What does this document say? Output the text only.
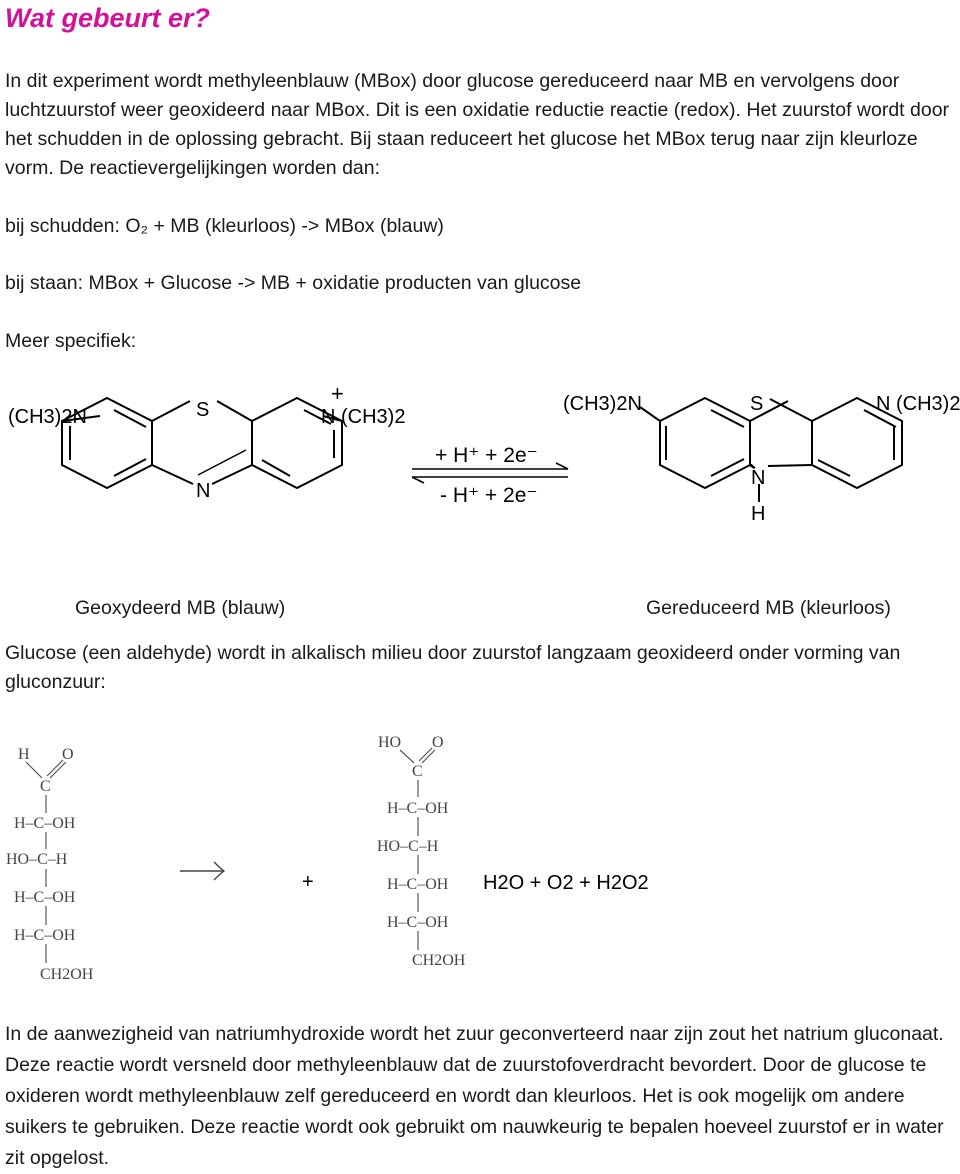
Wat gebeurt er?

In dit experiment wordt methyleenblauw (MBox) door glucose gereduceerd naar MB en vervolgens door luchtzuurstof weer geoxideerd naar MBox. Dit is een oxidatie reductie reactie (redox). Het zuurstof wordt door het schudden in de oplossing gebracht. Bij staan reduceert het glucose het MBox terug naar zijn kleurloze vorm. De reactievergelijkingen worden dan:

bij schudden: O₂ + MB (kleurloos) -> MBox (blauw)
bij staan: MBox + Glucose -> MB + oxidatie producten van glucose
Meer specifiek:
(CH3)2N	S
N
+
N (CH3)2
+ H⁺ + 2e⁻
- H⁺ + 2e⁻
(CH3)2N	S
N
H
N (CH3)2
Geoxydeerd MB (blauw)	Gereduceerd MB (kleurloos)

Glucose (een aldehyde) wordt in alkalisch milieu door zuurstof langzaam geoxideerd onder vorming van gluconzuur:

H O
C
H–C–OH
HO–C–H
H–C–OH
H–C–OH
CH2OH
+
HO O
C
H–C–OH
HO–C–H
H–C–OH
H–C–OH
CH2OH
H2O + O2 + H2O2

In de aanwezigheid van natriumhydroxide wordt het zuur geconverteerd naar zijn zout het natrium gluconaat. Deze reactie wordt versneld door methyleenblauw dat de zuurstofoverdracht bevordert. Door de glucose te oxideren wordt methyleenblauw zelf gereduceerd en wordt dan kleurloos. Het is ook mogelijk om andere suikers te gebruiken. Deze reactie wordt ook gebruikt om nauwkeurig te bepalen hoeveel zuurstof er in water zit opgelost.
